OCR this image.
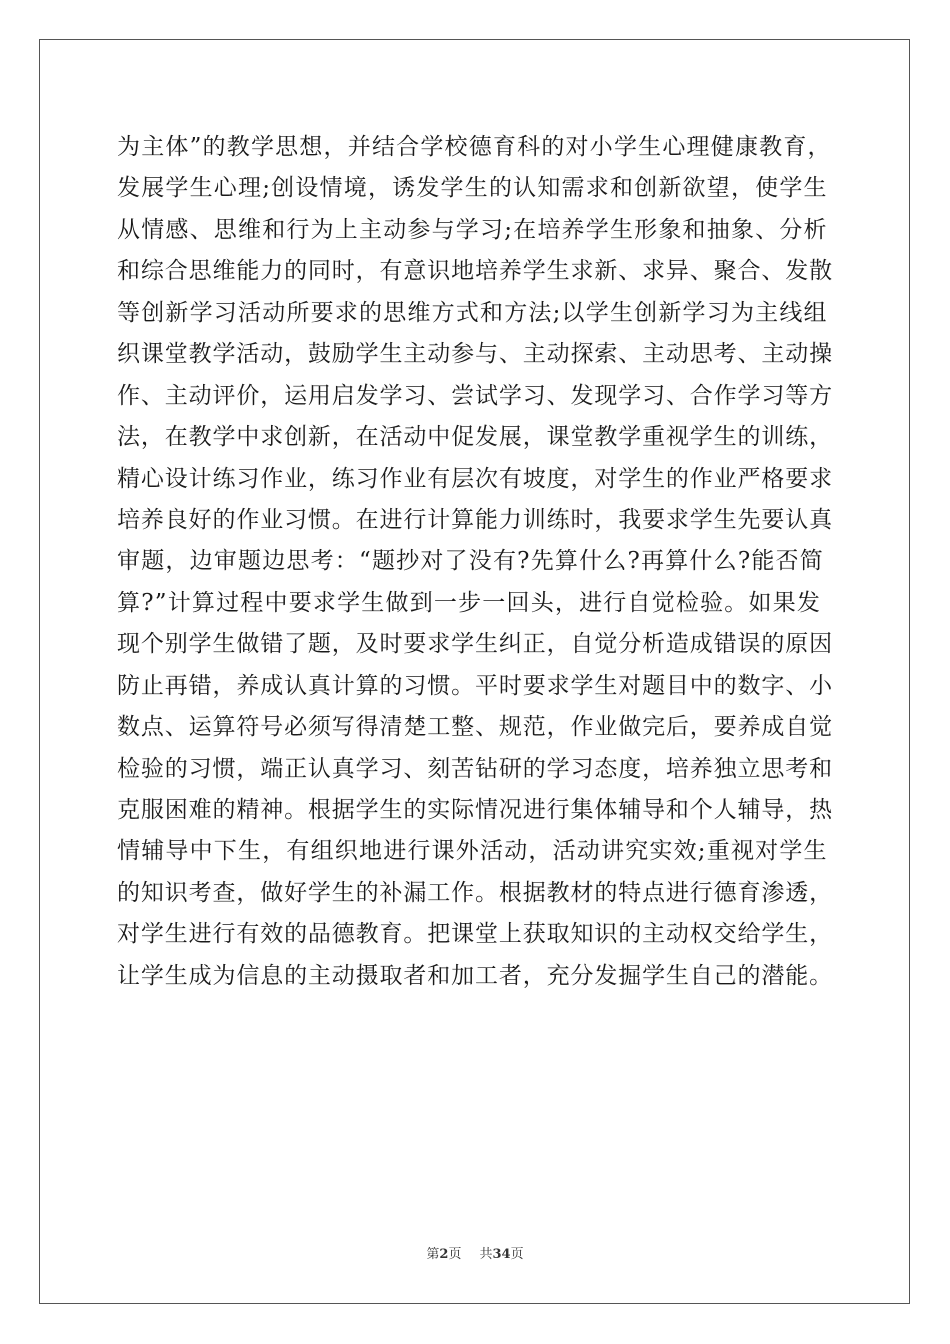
为主体”的教学思想，并结合学校德育科的对小学生心理健康教育，
发展学生心理;创设情境，诱发学生的认知需求和创新欲望，使学生
从情感、思维和行为上主动参与学习;在培养学生形象和抽象、分析
和综合思维能力的同时，有意识地培养学生求新、求异、聚合、发散
等创新学习活动所要求的思维方式和方法;以学生创新学习为主线组
织课堂教学活动，鼓励学生主动参与、主动探索、主动思考、主动操
作、主动评价，运用启发学习、尝试学习、发现学习、合作学习等方
法，在教学中求创新，在活动中促发展，课堂教学重视学生的训练，
精心设计练习作业，练习作业有层次有坡度，对学生的作业严格要求
培养良好的作业习惯。在进行计算能力训练时，我要求学生先要认真
审题，边审题边思考：“题抄对了没有?先算什么?再算什么?能否简
算?”计算过程中要求学生做到一步一回头，进行自觉检验。如果发
现个别学生做错了题，及时要求学生纠正，自觉分析造成错误的原因
防止再错，养成认真计算的习惯。平时要求学生对题目中的数字、小
数点、运算符号必须写得清楚工整、规范，作业做完后，要养成自觉
检验的习惯，端正认真学习、刻苦钻研的学习态度，培养独立思考和
克服困难的精神。根据学生的实际情况进行集体辅导和个人辅导，热
情辅导中下生，有组织地进行课外活动，活动讲究实效;重视对学生
的知识考查，做好学生的补漏工作。根据教材的特点进行德育渗透，
对学生进行有效的品德教育。把课堂上获取知识的主动权交给学生，
让学生成为信息的主动摄取者和加工者，充分发掘学生自己的潜能。
第2页 共34页
